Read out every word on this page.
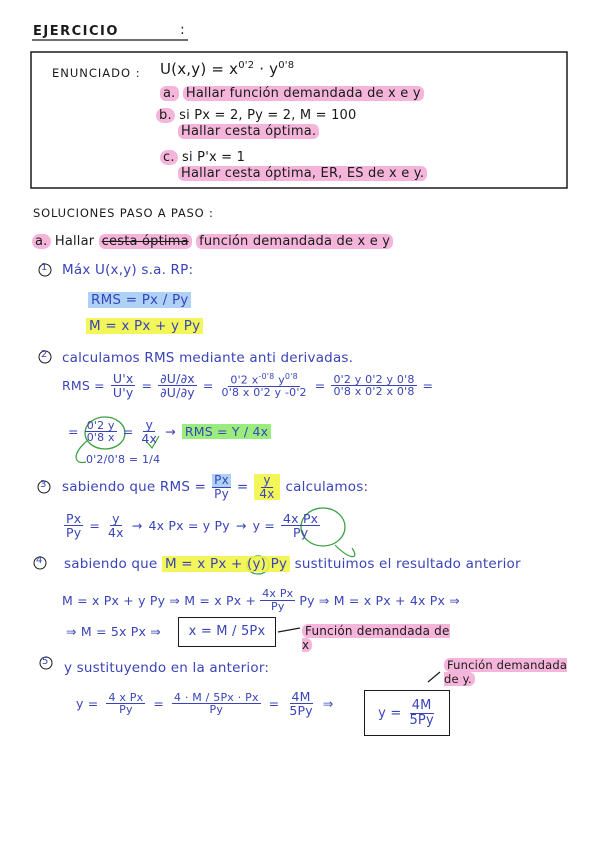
EJERCICIO	:
ENUNCIADO : $U(x,y) = x^{0'2} \cdot y^{0'8}$
a. Hallar función demandada de x e y
b. si Px = 2, Py = 2, M = 100
Hallar cesta óptima.
c. si P'x = 1
Hallar cesta óptima, ER, ES de x e y.
SOLUCIONES PASO A PASO :
a. Hallar cesta óptima función demandada de x e y
1 Máx U(x,y) s.a. RP:
RMS = Px / Py
M = x Px + y Py
2 calculamos RMS mediante anti derivadas.
RMS = $\frac{U'x}{U'y} = \frac{\partial U/\partial x}{\partial U/\partial y} = \frac{0'2 x^{-0'8} y^{0'8}}{0'8 x 0'2 y -0'2} = \frac{0'2 y 0'2 y 0'8}{0'8 x 0'2 x 0'8}$ =
= $\frac{0'2 y}{0'8 x} = \frac{y}{4x}$ → RMS = Y / 4x
0'2/0'8 = 1/4
3 sabiendo que RMS = $\frac{Px}{Py} = \frac{y}{4x}$ calculamos:
$\frac{Px}{Py} = \frac{y}{4x} \to 4x$ Px = y $Py \to y = \frac{\text{4x Px}}{Py}$
4 sabiendo que M = x Px + (y) Py sustituimos el resultado anterior
M = x Px + y Py ⇒ M = x $Px + \frac{\text{4x Px}}{Py}$ Py ⇒ M = x Px + 4x Px ⇒
⇒ M = 5x Px ⇒	x = M / 5Px	Función demandada de x
5 y sustituyendo en la anterior:
$y = \frac{\text{4 x Px}}{Py} = \frac{4 \cdot M / 5Px \cdot Px}{Py} = \frac{4M}{5Py}$ ⇒
$y = \frac{4M}{5Py}$
Función demandada de y.
